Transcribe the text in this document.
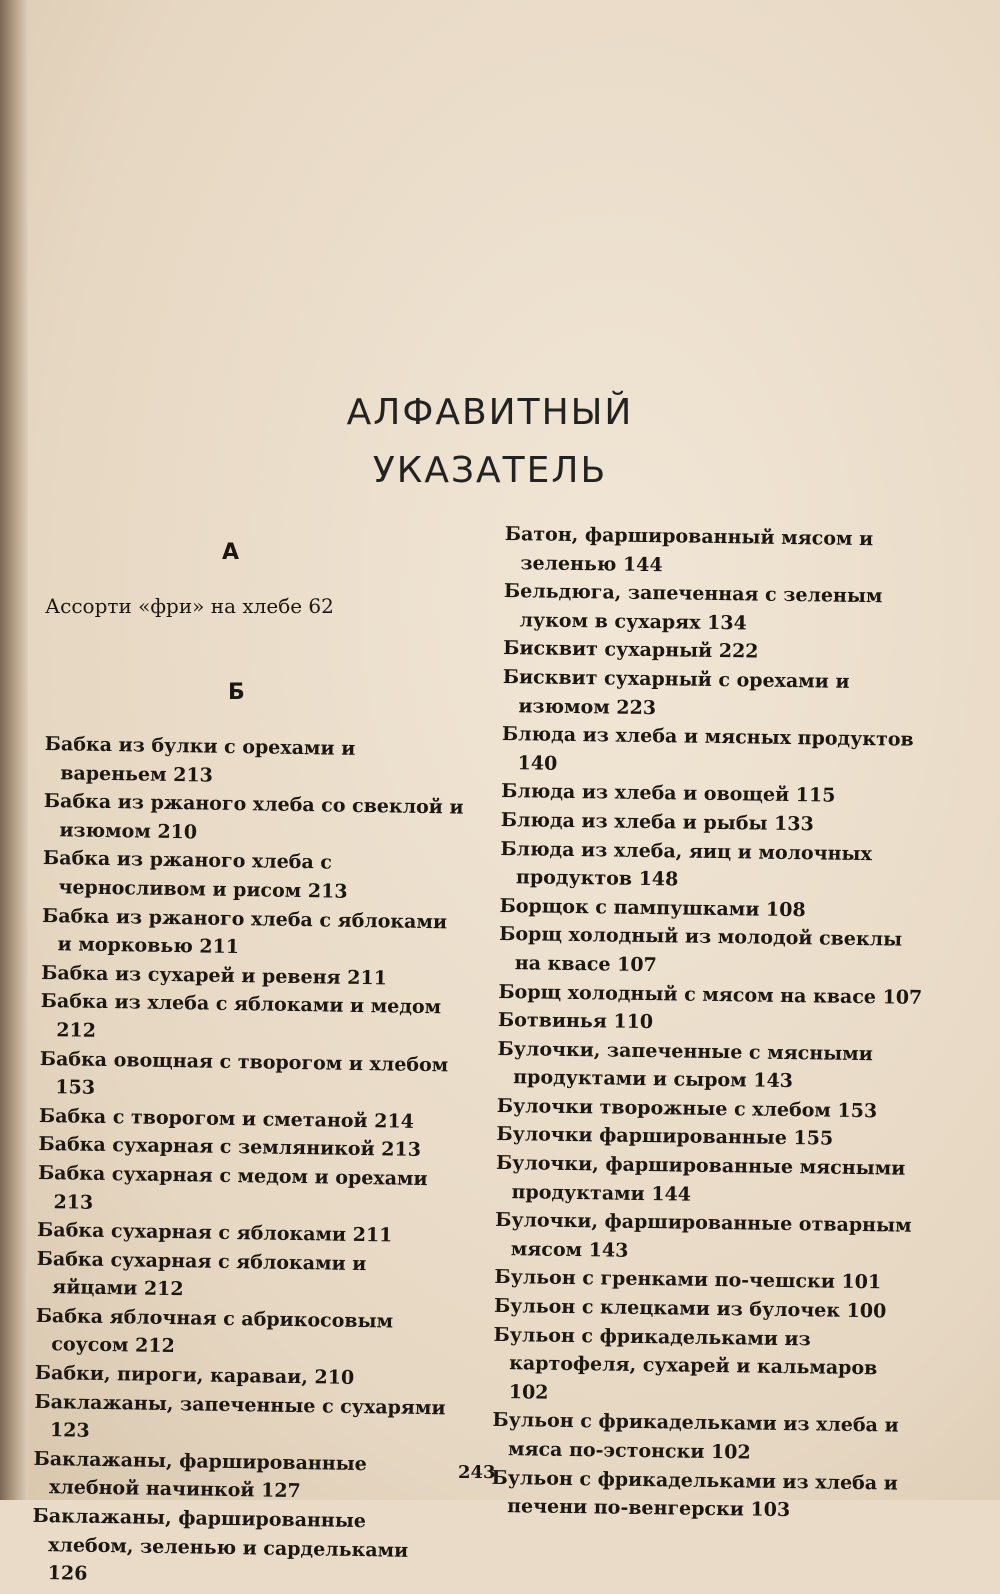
АЛФАВИТНЫЙ
УКАЗАТЕЛЬ
А
Ассорти «фри» на хлебе 62
Б

Бабка из булки с орехами и вареньем 213

Бабка из ржаного хлеба со свеклой и изюмом 210

Бабка из ржаного хлеба с черносливом и рисом 213

Бабка из ржаного хлеба с яблоками и морковью 211

Бабка из сухарей и ревеня 211

Бабка из хлеба с яблоками и медом 212

Бабка овощная с творогом и хлебом 153

Бабка с творогом и сметаной 214

Бабка сухарная с земляникой 213

Бабка сухарная с медом и орехами 213

Бабка сухарная с яблоками 211

Бабка сухарная с яблоками и яйцами 212

Бабка яблочная с абрикосовым соусом 212

Бабки, пироги, караваи, 210

Баклажаны, запеченные с сухарями 123

Баклажаны, фаршированные хлебной начинкой 127

Баклажаны, фаршированные хлебом, зеленью и сардельками 126

Батон, фаршированный мясом и зеленью 144

Бельдюга, запеченная с зеленым луком в сухарях 134

Бисквит сухарный 222

Бисквит сухарный с орехами и изюмом 223

Блюда из хлеба и мясных продуктов 140

Блюда из хлеба и овощей 115

Блюда из хлеба и рыбы 133

Блюда из хлеба, яиц и молочных продуктов 148

Борщок с пампушками 108

Борщ холодный из молодой свеклы на квасе 107

Борщ холодный с мясом на квасе 107

Ботвинья 110

Булочки, запеченные с мясными продуктами и сыром 143

Булочки творожные с хлебом 153

Булочки фаршированные 155

Булочки, фаршированные мясными продуктами 144

Булочки, фаршированные отварным мясом 143

Бульон с гренками по-чешски 101

Бульон с клецками из булочек 100

Бульон с фрикадельками из картофеля, сухарей и кальмаров 102

Бульон с фрикадельками из хлеба и мяса по-эстонски 102

Бульон с фрикадельками из хлеба и печени по-венгерски 103

243
